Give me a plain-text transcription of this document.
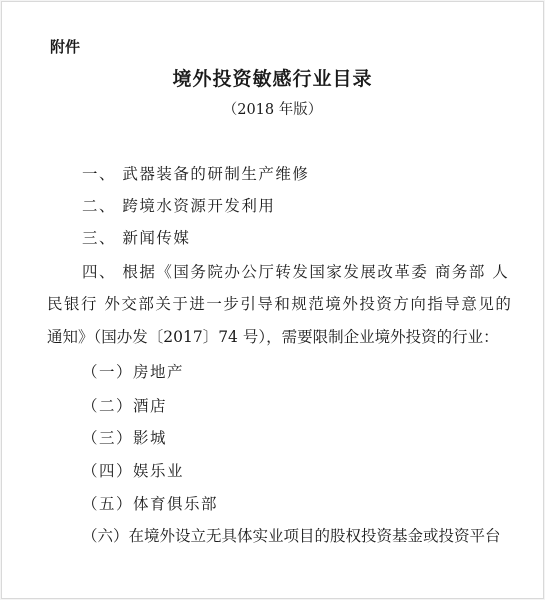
附件
境外投资敏感行业目录
（2018 年版）
一、 武器装备的研制生产维修
二、 跨境水资源开发利用
三、 新闻传媒
四、 根据《国务院办公厅转发国家发展改革委 商务部 人
民银行 外交部关于进一步引导和规范境外投资方向指导意见的
通知》（国办发〔2017〕74 号），需要限制企业境外投资的行业：
（一）房地产
（二）酒店
（三）影城
（四）娱乐业
（五）体育俱乐部
（六）在境外设立无具体实业项目的股权投资基金或投资平台
